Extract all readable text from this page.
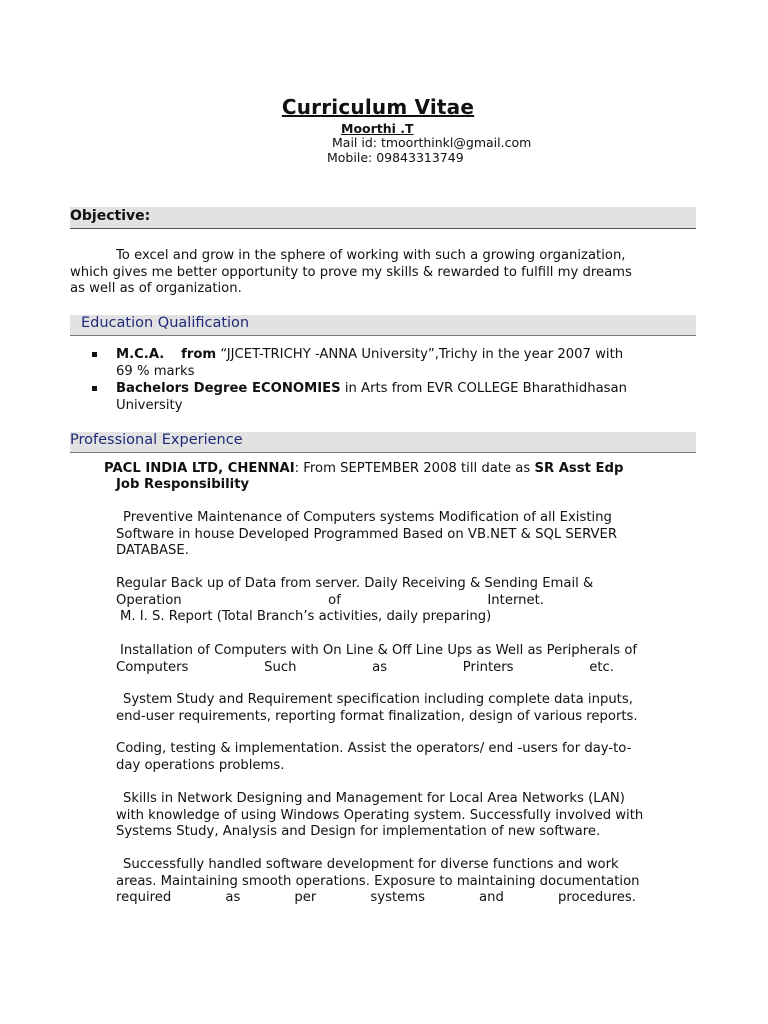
Curriculum Vitae
Moorthi .T
Mail id: tmoorthinkl@gmail.com
Mobile: 09843313749
Objective:
To excel and grow in the sphere of working with such a growing organization,
which gives me better opportunity to prove my skills & rewarded to fulfill my dreams
as well as of organization.
Education Qualification
M.C.A. from “JJCET-TRICHY -ANNA University”,Trichy in the year 2007 with
69 % marks
Bachelors Degree ECONOMIES in Arts from EVR COLLEGE Bharathidhasan
University
Professional Experience
PACL INDIA LTD, CHENNAI: From SEPTEMBER 2008 till date as SR Asst Edp
Job Responsibility
Preventive Maintenance of Computers systems Modification of all Existing
Software in house Developed Programmed Based on VB.NET & SQL SERVER
DATABASE.
Regular Back up of Data from server. Daily Receiving & Sending Email &
Operation	of	Internet.
M. I. S. Report (Total Branch’s activities, daily preparing)
Installation of Computers with On Line & Off Line Ups as Well as Peripherals of
Computers	Such	as	Printers	etc.
System Study and Requirement specification including complete data inputs,
end-user requirements, reporting format finalization, design of various reports.
Coding, testing & implementation. Assist the operators/ end -users for day-to-
day operations problems.
Skills in Network Designing and Management for Local Area Networks (LAN)
with knowledge of using Windows Operating system. Successfully involved with
Systems Study, Analysis and Design for implementation of new software.
Successfully handled software development for diverse functions and work
areas. Maintaining smooth operations. Exposure to maintaining documentation
required	as	per	systems	and	procedures.
